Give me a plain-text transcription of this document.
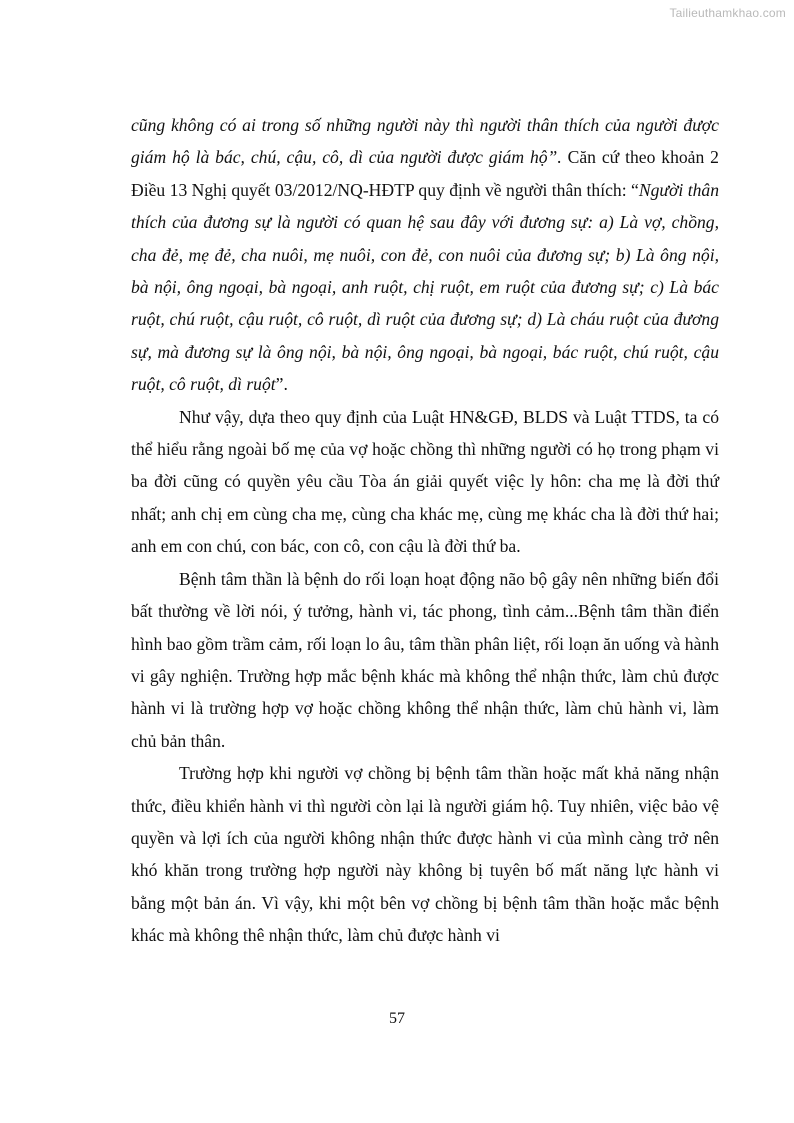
Tailieuthamkhao.com

cũng không có ai trong số những người này thì người thân thích của người được giám hộ là bác, chú, cậu, cô, dì của người được giám hộ”. Căn cứ theo khoản 2 Điều 13 Nghị quyết 03/2012/NQ-HĐTP quy định về người thân thích: “Người thân thích của đương sự là người có quan hệ sau đây với đương sự: a) Là vợ, chồng, cha đẻ, mẹ đẻ, cha nuôi, mẹ nuôi, con đẻ, con nuôi của đương sự; b) Là ông nội, bà nội, ông ngoại, bà ngoại, anh ruột, chị ruột, em ruột của đương sự; c) Là bác ruột, chú ruột, cậu ruột, cô ruột, dì ruột của đương sự; d) Là cháu ruột của đương sự, mà đương sự là ông nội, bà nội, ông ngoại, bà ngoại, bác ruột, chú ruột, cậu ruột, cô ruột, dì ruột”.

Như vậy, dựa theo quy định của Luật HN&GĐ, BLDS và Luật TTDS, ta có thể hiểu rằng ngoài bố mẹ của vợ hoặc chồng thì những người có họ trong phạm vi ba đời cũng có quyền yêu cầu Tòa án giải quyết việc ly hôn: cha mẹ là đời thứ nhất; anh chị em cùng cha mẹ, cùng cha khác mẹ, cùng mẹ khác cha là đời thứ hai; anh em con chú, con bác, con cô, con cậu là đời thứ ba.

Bệnh tâm thần là bệnh do rối loạn hoạt động não bộ gây nên những biến đổi bất thường về lời nói, ý tưởng, hành vi, tác phong, tình cảm...Bệnh tâm thần điển hình bao gồm trầm cảm, rối loạn lo âu, tâm thần phân liệt, rối loạn ăn uống và hành vi gây nghiện. Trường hợp mắc bệnh khác mà không thể nhận thức, làm chủ được hành vi là trường hợp vợ hoặc chồng không thể nhận thức, làm chủ hành vi, làm chủ bản thân.

Trường hợp khi người vợ chồng bị bệnh tâm thần hoặc mất khả năng nhận thức, điều khiển hành vi thì người còn lại là người giám hộ. Tuy nhiên, việc bảo vệ quyền và lợi ích của người không nhận thức được hành vi của mình càng trở nên khó khăn trong trường hợp người này không bị tuyên bố mất năng lực hành vi bằng một bản án. Vì vậy, khi một bên vợ chồng bị bệnh tâm thần hoặc mắc bệnh khác mà không thê nhận thức, làm chủ được hành vi

57
